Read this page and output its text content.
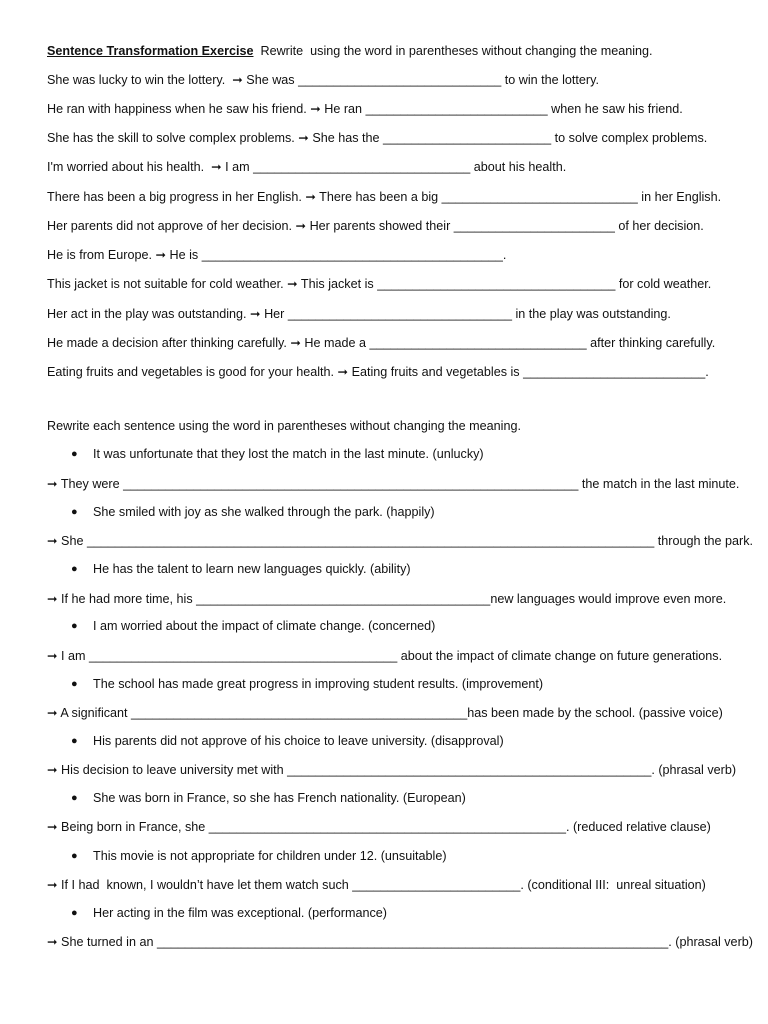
Sentence Transformation Exercise  Rewrite  using the word in parentheses without changing the meaning.
She was lucky to win the lottery.  ➞ She was _____________________________ to win the lottery.
He ran with happiness when he saw his friend. ➞ He ran __________________________ when he saw his friend.
She has the skill to solve complex problems. ➞ She has the ________________________ to solve complex problems.
I'm worried about his health.  ➞ I am _______________________________ about his health.
There has been a big progress in her English. ➞ There has been a big ____________________________ in her English.
Her parents did not approve of her decision. ➞ Her parents showed their _______________________ of her decision.
He is from Europe. ➞ He is ___________________________________________.
This jacket is not suitable for cold weather. ➞ This jacket is __________________________________ for cold weather.
Her act in the play was outstanding. ➞ Her ________________________________ in the play was outstanding.
He made a decision after thinking carefully. ➞ He made a _______________________________ after thinking carefully.
Eating fruits and vegetables is good for your health. ➞ Eating fruits and vegetables is __________________________.
Rewrite each sentence using the word in parentheses without changing the meaning.
● It was unfortunate that they lost the match in the last minute. (unlucky)
➞ They were _________________________________________________________________ the match in the last minute.
● She smiled with joy as she walked through the park. (happily)
➞ She _________________________________________________________________________________ through the park.
● He has the talent to learn new languages quickly. (ability)
➞ If he had more time, his __________________________________________new languages would improve even more.
● I am worried about the impact of climate change. (concerned)
➞ I am ____________________________________________ about the impact of climate change on future generations.
● The school has made great progress in improving student results. (improvement)
➞ A significant ________________________________________________has been made by the school. (passive voice)
● His parents did not approve of his choice to leave university. (disapproval)
➞ His decision to leave university met with ____________________________________________________. (phrasal verb)
● She was born in France, so she has French nationality. (European)
➞ Being born in France, she ___________________________________________________. (reduced relative clause)
● This movie is not appropriate for children under 12. (unsuitable)
➞ If I had  known, I wouldn’t have let them watch such ________________________. (conditional III:  unreal situation)
● Her acting in the film was exceptional. (performance)
➞ She turned in an _________________________________________________________________________. (phrasal verb)
